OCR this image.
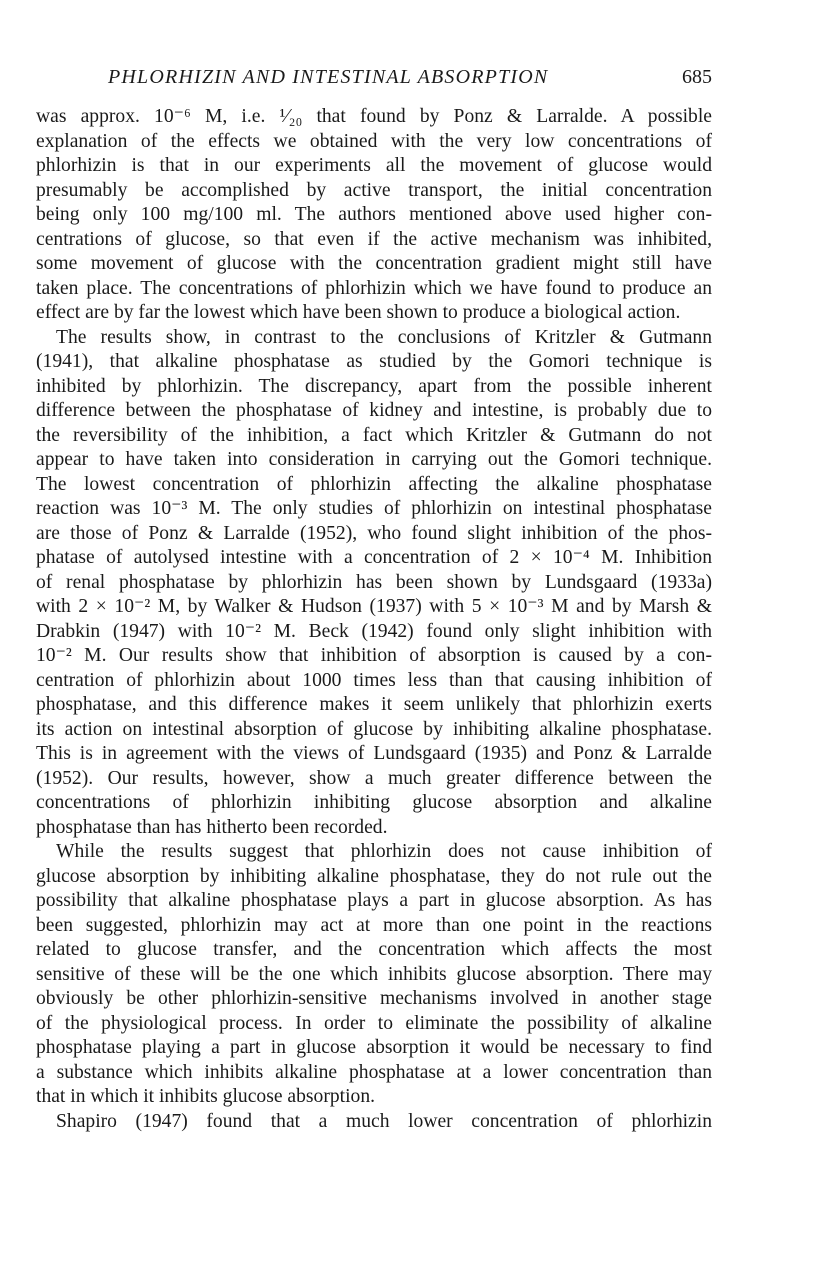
PHLORHIZIN AND INTESTINAL ABSORPTION	685
was approx. 10⁻⁶ M, i.e. ¹⁄₂₀ that found by Ponz & Larralde. A possible
explanation of the effects we obtained with the very low concentrations of
phlorhizin is that in our experiments all the movement of glucose would
presumably be accomplished by active transport, the initial concentration
being only 100 mg/100 ml. The authors mentioned above used higher con-
centrations of glucose, so that even if the active mechanism was inhibited,
some movement of glucose with the concentration gradient might still have
taken place. The concentrations of phlorhizin which we have found to produce an
effect are by far the lowest which have been shown to produce a biological action.
The results show, in contrast to the conclusions of Kritzler & Gutmann
(1941), that alkaline phosphatase as studied by the Gomori technique is
inhibited by phlorhizin. The discrepancy, apart from the possible inherent
difference between the phosphatase of kidney and intestine, is probably due to
the reversibility of the inhibition, a fact which Kritzler & Gutmann do not
appear to have taken into consideration in carrying out the Gomori technique.
The lowest concentration of phlorhizin affecting the alkaline phosphatase
reaction was 10⁻³ M. The only studies of phlorhizin on intestinal phosphatase
are those of Ponz & Larralde (1952), who found slight inhibition of the phos-
phatase of autolysed intestine with a concentration of 2 × 10⁻⁴ M. Inhibition
of renal phosphatase by phlorhizin has been shown by Lundsgaard (1933a)
with 2 × 10⁻² M, by Walker & Hudson (1937) with 5 × 10⁻³ M and by Marsh &
Drabkin (1947) with 10⁻² M. Beck (1942) found only slight inhibition with
10⁻² M. Our results show that inhibition of absorption is caused by a con-
centration of phlorhizin about 1000 times less than that causing inhibition of
phosphatase, and this difference makes it seem unlikely that phlorhizin exerts
its action on intestinal absorption of glucose by inhibiting alkaline phosphatase.
This is in agreement with the views of Lundsgaard (1935) and Ponz & Larralde
(1952). Our results, however, show a much greater difference between the
concentrations of phlorhizin inhibiting glucose absorption and alkaline
phosphatase than has hitherto been recorded.
While the results suggest that phlorhizin does not cause inhibition of
glucose absorption by inhibiting alkaline phosphatase, they do not rule out the
possibility that alkaline phosphatase plays a part in glucose absorption. As has
been suggested, phlorhizin may act at more than one point in the reactions
related to glucose transfer, and the concentration which affects the most
sensitive of these will be the one which inhibits glucose absorption. There may
obviously be other phlorhizin-sensitive mechanisms involved in another stage
of the physiological process. In order to eliminate the possibility of alkaline
phosphatase playing a part in glucose absorption it would be necessary to find
a substance which inhibits alkaline phosphatase at a lower concentration than
that in which it inhibits glucose absorption.
Shapiro (1947) found that a much lower concentration of phlorhizin
